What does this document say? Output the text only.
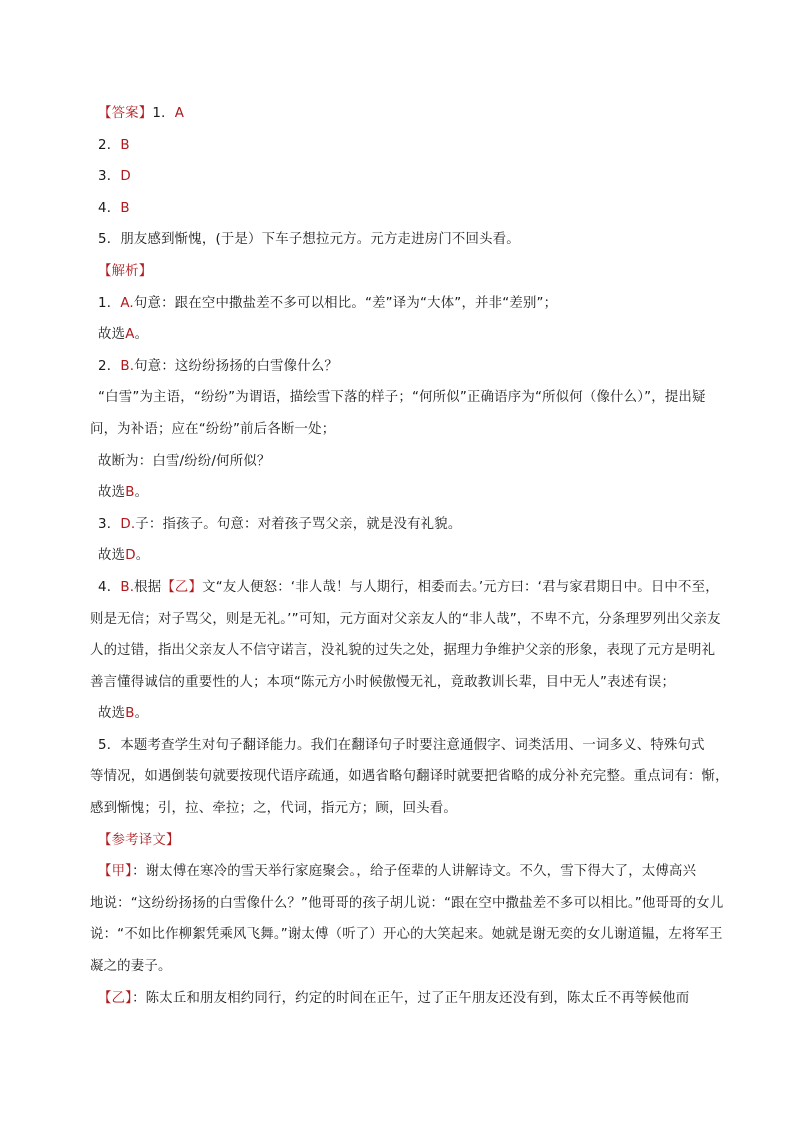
【答案】1．A
2．B
3．D
4．B
5．朋友感到惭愧，(于是）下车子想拉元方。元方走进房门不回头看。
【解析】
1．A.句意：跟在空中撒盐差不多可以相比。“差”译为“大体”，并非“差别”；
故选A。
2．B.句意：这纷纷扬扬的白雪像什么？
“白雪”为主语，“纷纷”为谓语，描绘雪下落的样子；“何所似”正确语序为“所似何（像什么）”，提出疑
问，为补语；应在“纷纷”前后各断一处；
故断为：白雪/纷纷/何所似？
故选B。
3．D.子：指孩子。句意：对着孩子骂父亲，就是没有礼貌。
故选D。
4．B.根据【乙】文“友人便怒：‘非人哉！与人期行，相委而去。’元方曰：‘君与家君期日中。日中不至，
则是无信；对子骂父，则是无礼。’”可知，元方面对父亲友人的“非人哉”，不卑不亢，分条理罗列出父亲友
人的过错，指出父亲友人不信守诺言，没礼貌的过失之处，据理力争维护父亲的形象，表现了元方是明礼
善言懂得诚信的重要性的人；本项“陈元方小时候傲慢无礼，竟敢教训长辈，目中无人”表述有误；
故选B。
5．本题考查学生对句子翻译能力。我们在翻译句子时要注意通假字、词类活用、一词多义、特殊句式
等情况，如遇倒装句就要按现代语序疏通，如遇省略句翻译时就要把省略的成分补充完整。重点词有：惭，
感到惭愧；引，拉、牵拉；之，代词，指元方；顾，回头看。
【参考译文】
【甲】：谢太傅在寒冷的雪天举行家庭聚会。，给子侄辈的人讲解诗文。不久，雪下得大了，太傅高兴
地说：“这纷纷扬扬的白雪像什么？”他哥哥的孩子胡儿说：“跟在空中撒盐差不多可以相比。”他哥哥的女儿
说：“不如比作柳絮凭乘风飞舞。”谢太傅（听了）开心的大笑起来。她就是谢无奕的女儿谢道韫，左将军王
凝之的妻子。
【乙】：陈太丘和朋友相约同行，约定的时间在正午，过了正午朋友还没有到，陈太丘不再等候他而
